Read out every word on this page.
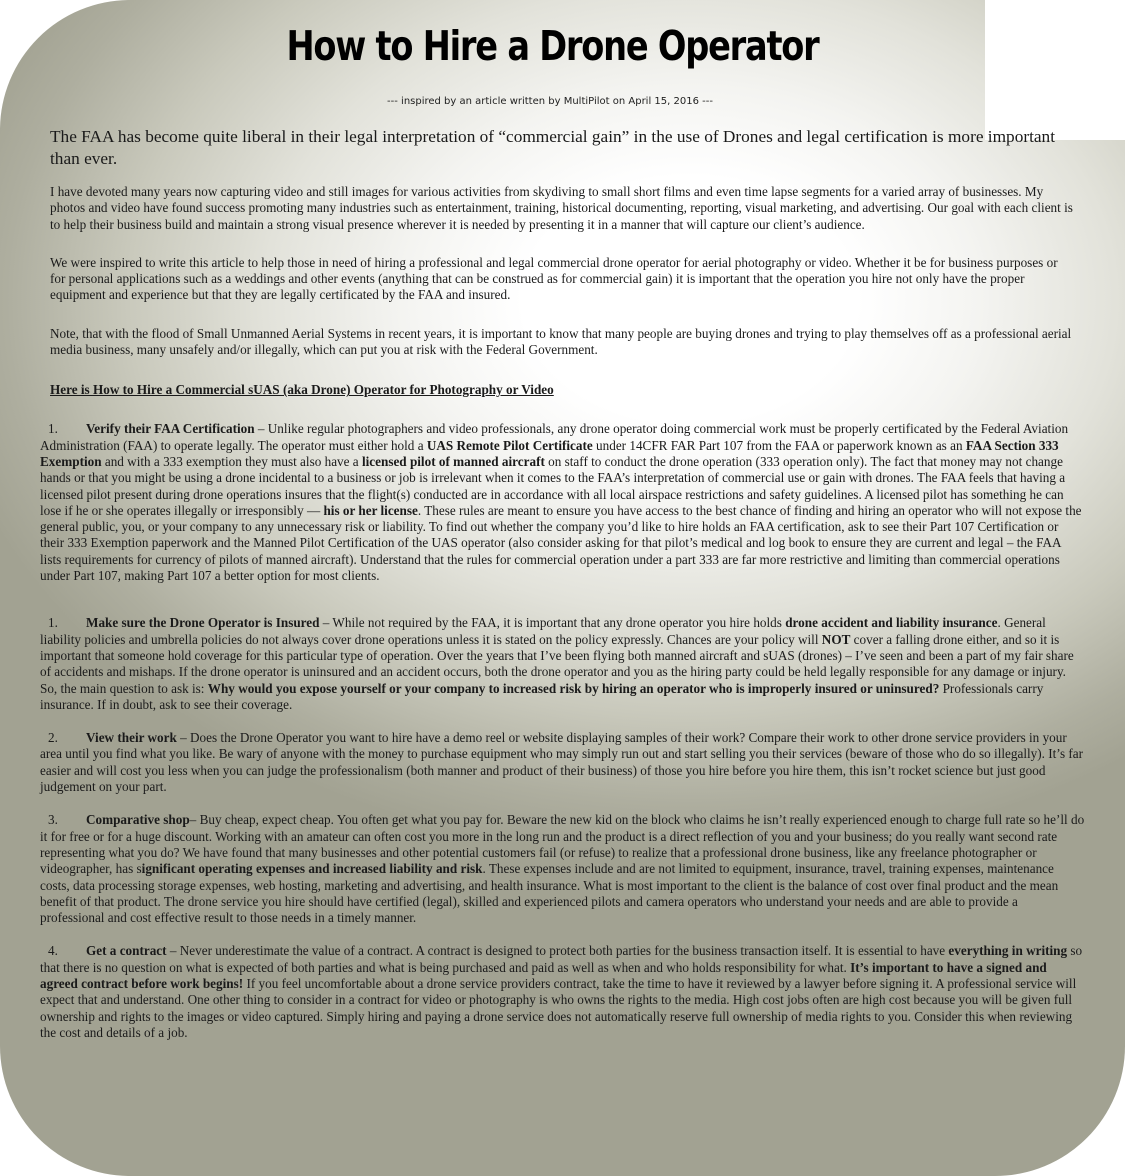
How to Hire a Drone Operator
--- inspired by an article written by MultiPilot on April 15, 2016 ---

The FAA has become quite liberal in their legal interpretation of “commercial gain” in the use of Drones and legal certification is more important than ever.

I have devoted many years now capturing video and still images for various activities from skydiving to small short films and even time lapse segments for a varied array of businesses. My photos and video have found success promoting many industries such as entertainment, training, historical documenting, reporting, visual marketing, and advertising. Our goal with each client is to help their business build and maintain a strong visual presence wherever it is needed by presenting it in a manner that will capture our client’s audience.

We were inspired to write this article to help those in need of hiring a professional and legal commercial drone operator for aerial photography or video. Whether it be for business purposes or for personal applications such as a weddings and other events (anything that can be construed as for commercial gain) it is important that the operation you hire not only have the proper equipment and experience but that they are legally certificated by the FAA and insured.

Note, that with the flood of Small Unmanned Aerial Systems in recent years, it is important to know that many people are buying drones and trying to play themselves off as a professional aerial media business, many unsafely and/or illegally, which can put you at risk with the Federal Government.

Here is How to Hire a Commercial sUAS (aka Drone) Operator for Photography or Video

1. Verify their FAA Certification – Unlike regular photographers and video professionals, any drone operator doing commercial work must be properly certificated by the Federal Aviation Administration (FAA) to operate legally. The operator must either hold a UAS Remote Pilot Certificate under 14CFR FAR Part 107 from the FAA or paperwork known as an FAA Section 333 Exemption and with a 333 exemption they must also have a licensed pilot of manned aircraft on staff to conduct the drone operation (333 operation only). The fact that money may not change hands or that you might be using a drone incidental to a business or job is irrelevant when it comes to the FAA’s interpretation of commercial use or gain with drones. The FAA feels that having a licensed pilot present during drone operations insures that the flight(s) conducted are in accordance with all local airspace restrictions and safety guidelines. A licensed pilot has something he can lose if he or she operates illegally or irresponsibly — his or her license. These rules are meant to ensure you have access to the best chance of finding and hiring an operator who will not expose the general public, you, or your company to any unnecessary risk or liability. To find out whether the company you’d like to hire holds an FAA certification, ask to see their Part 107 Certification or their 333 Exemption paperwork and the Manned Pilot Certification of the UAS operator (also consider asking for that pilot’s medical and log book to ensure they are current and legal – the FAA lists requirements for currency of pilots of manned aircraft). Understand that the rules for commercial operation under a part 333 are far more restrictive and limiting than commercial operations under Part 107, making Part 107 a better option for most clients.

1. Make sure the Drone Operator is Insured – While not required by the FAA, it is important that any drone operator you hire holds drone accident and liability insurance. General liability policies and umbrella policies do not always cover drone operations unless it is stated on the policy expressly. Chances are your policy will NOT cover a falling drone either, and so it is important that someone hold coverage for this particular type of operation. Over the years that I’ve been flying both manned aircraft and sUAS (drones) – I’ve seen and been a part of my fair share of accidents and mishaps. If the drone operator is uninsured and an accident occurs, both the drone operator and you as the hiring party could be held legally responsible for any damage or injury. So, the main question to ask is: Why would you expose yourself or your company to increased risk by hiring an operator who is improperly insured or uninsured? Professionals carry insurance. If in doubt, ask to see their coverage.

2. View their work – Does the Drone Operator you want to hire have a demo reel or website displaying samples of their work? Compare their work to other drone service providers in your area until you find what you like. Be wary of anyone with the money to purchase equipment who may simply run out and start selling you their services (beware of those who do so illegally). It’s far easier and will cost you less when you can judge the professionalism (both manner and product of their business) of those you hire before you hire them, this isn’t rocket science but just good judgement on your part.

3. Comparative shop– Buy cheap, expect cheap. You often get what you pay for. Beware the new kid on the block who claims he isn’t really experienced enough to charge full rate so he’ll do it for free or for a huge discount. Working with an amateur can often cost you more in the long run and the product is a direct reflection of you and your business; do you really want second rate representing what you do? We have found that many businesses and other potential customers fail (or refuse) to realize that a professional drone business, like any freelance photographer or videographer, has significant operating expenses and increased liability and risk. These expenses include and are not limited to equipment, insurance, travel, training expenses, maintenance costs, data processing storage expenses, web hosting, marketing and advertising, and health insurance. What is most important to the client is the balance of cost over final product and the mean benefit of that product. The drone service you hire should have certified (legal), skilled and experienced pilots and camera operators who understand your needs and are able to provide a professional and cost effective result to those needs in a timely manner.

4. Get a contract – Never underestimate the value of a contract. A contract is designed to protect both parties for the business transaction itself. It is essential to have everything in writing so that there is no question on what is expected of both parties and what is being purchased and paid as well as when and who holds responsibility for what. It’s important to have a signed and agreed contract before work begins! If you feel uncomfortable about a drone service providers contract, take the time to have it reviewed by a lawyer before signing it. A professional service will expect that and understand. One other thing to consider in a contract for video or photography is who owns the rights to the media. High cost jobs often are high cost because you will be given full ownership and rights to the images or video captured. Simply hiring and paying a drone service does not automatically reserve full ownership of media rights to you. Consider this when reviewing the cost and details of a job.
